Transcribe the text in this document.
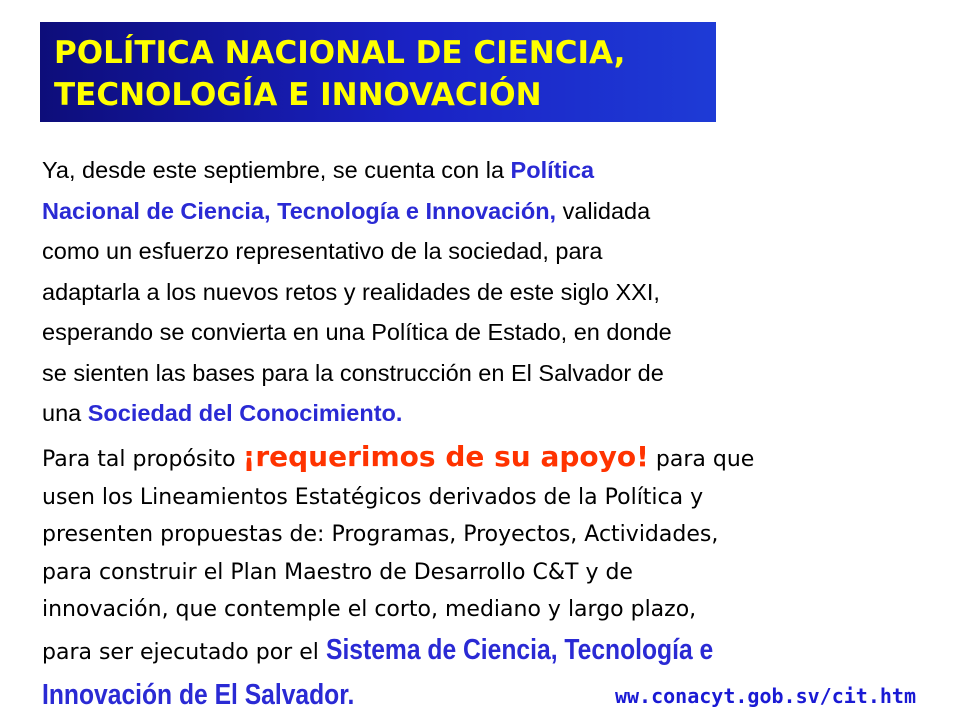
POLÍTICA NACIONAL DE CIENCIA,
TECNOLOGÍA E INNOVACIÓN
Ya, desde este septiembre, se cuenta con la Política
Nacional de Ciencia, Tecnología e Innovación, validada
como un esfuerzo representativo de la sociedad, para
adaptarla a los nuevos retos y realidades de este siglo XXI,
esperando se convierta en una Política de Estado, en donde
se sienten las bases para la construcción en El Salvador de
una Sociedad del Conocimiento.
Para tal propósito ¡requerimos de su apoyo! para que
usen los Lineamientos Estatégicos derivados de la Política y
presenten propuestas de: Programas, Proyectos, Actividades,
para construir el Plan Maestro de Desarrollo C&T y de
innovación, que contemple el corto, mediano y largo plazo,
para ser ejecutado por el Sistema de Ciencia, Tecnología e
Innovación de El Salvador.	ww.conacyt.gob.sv/cit.htm
